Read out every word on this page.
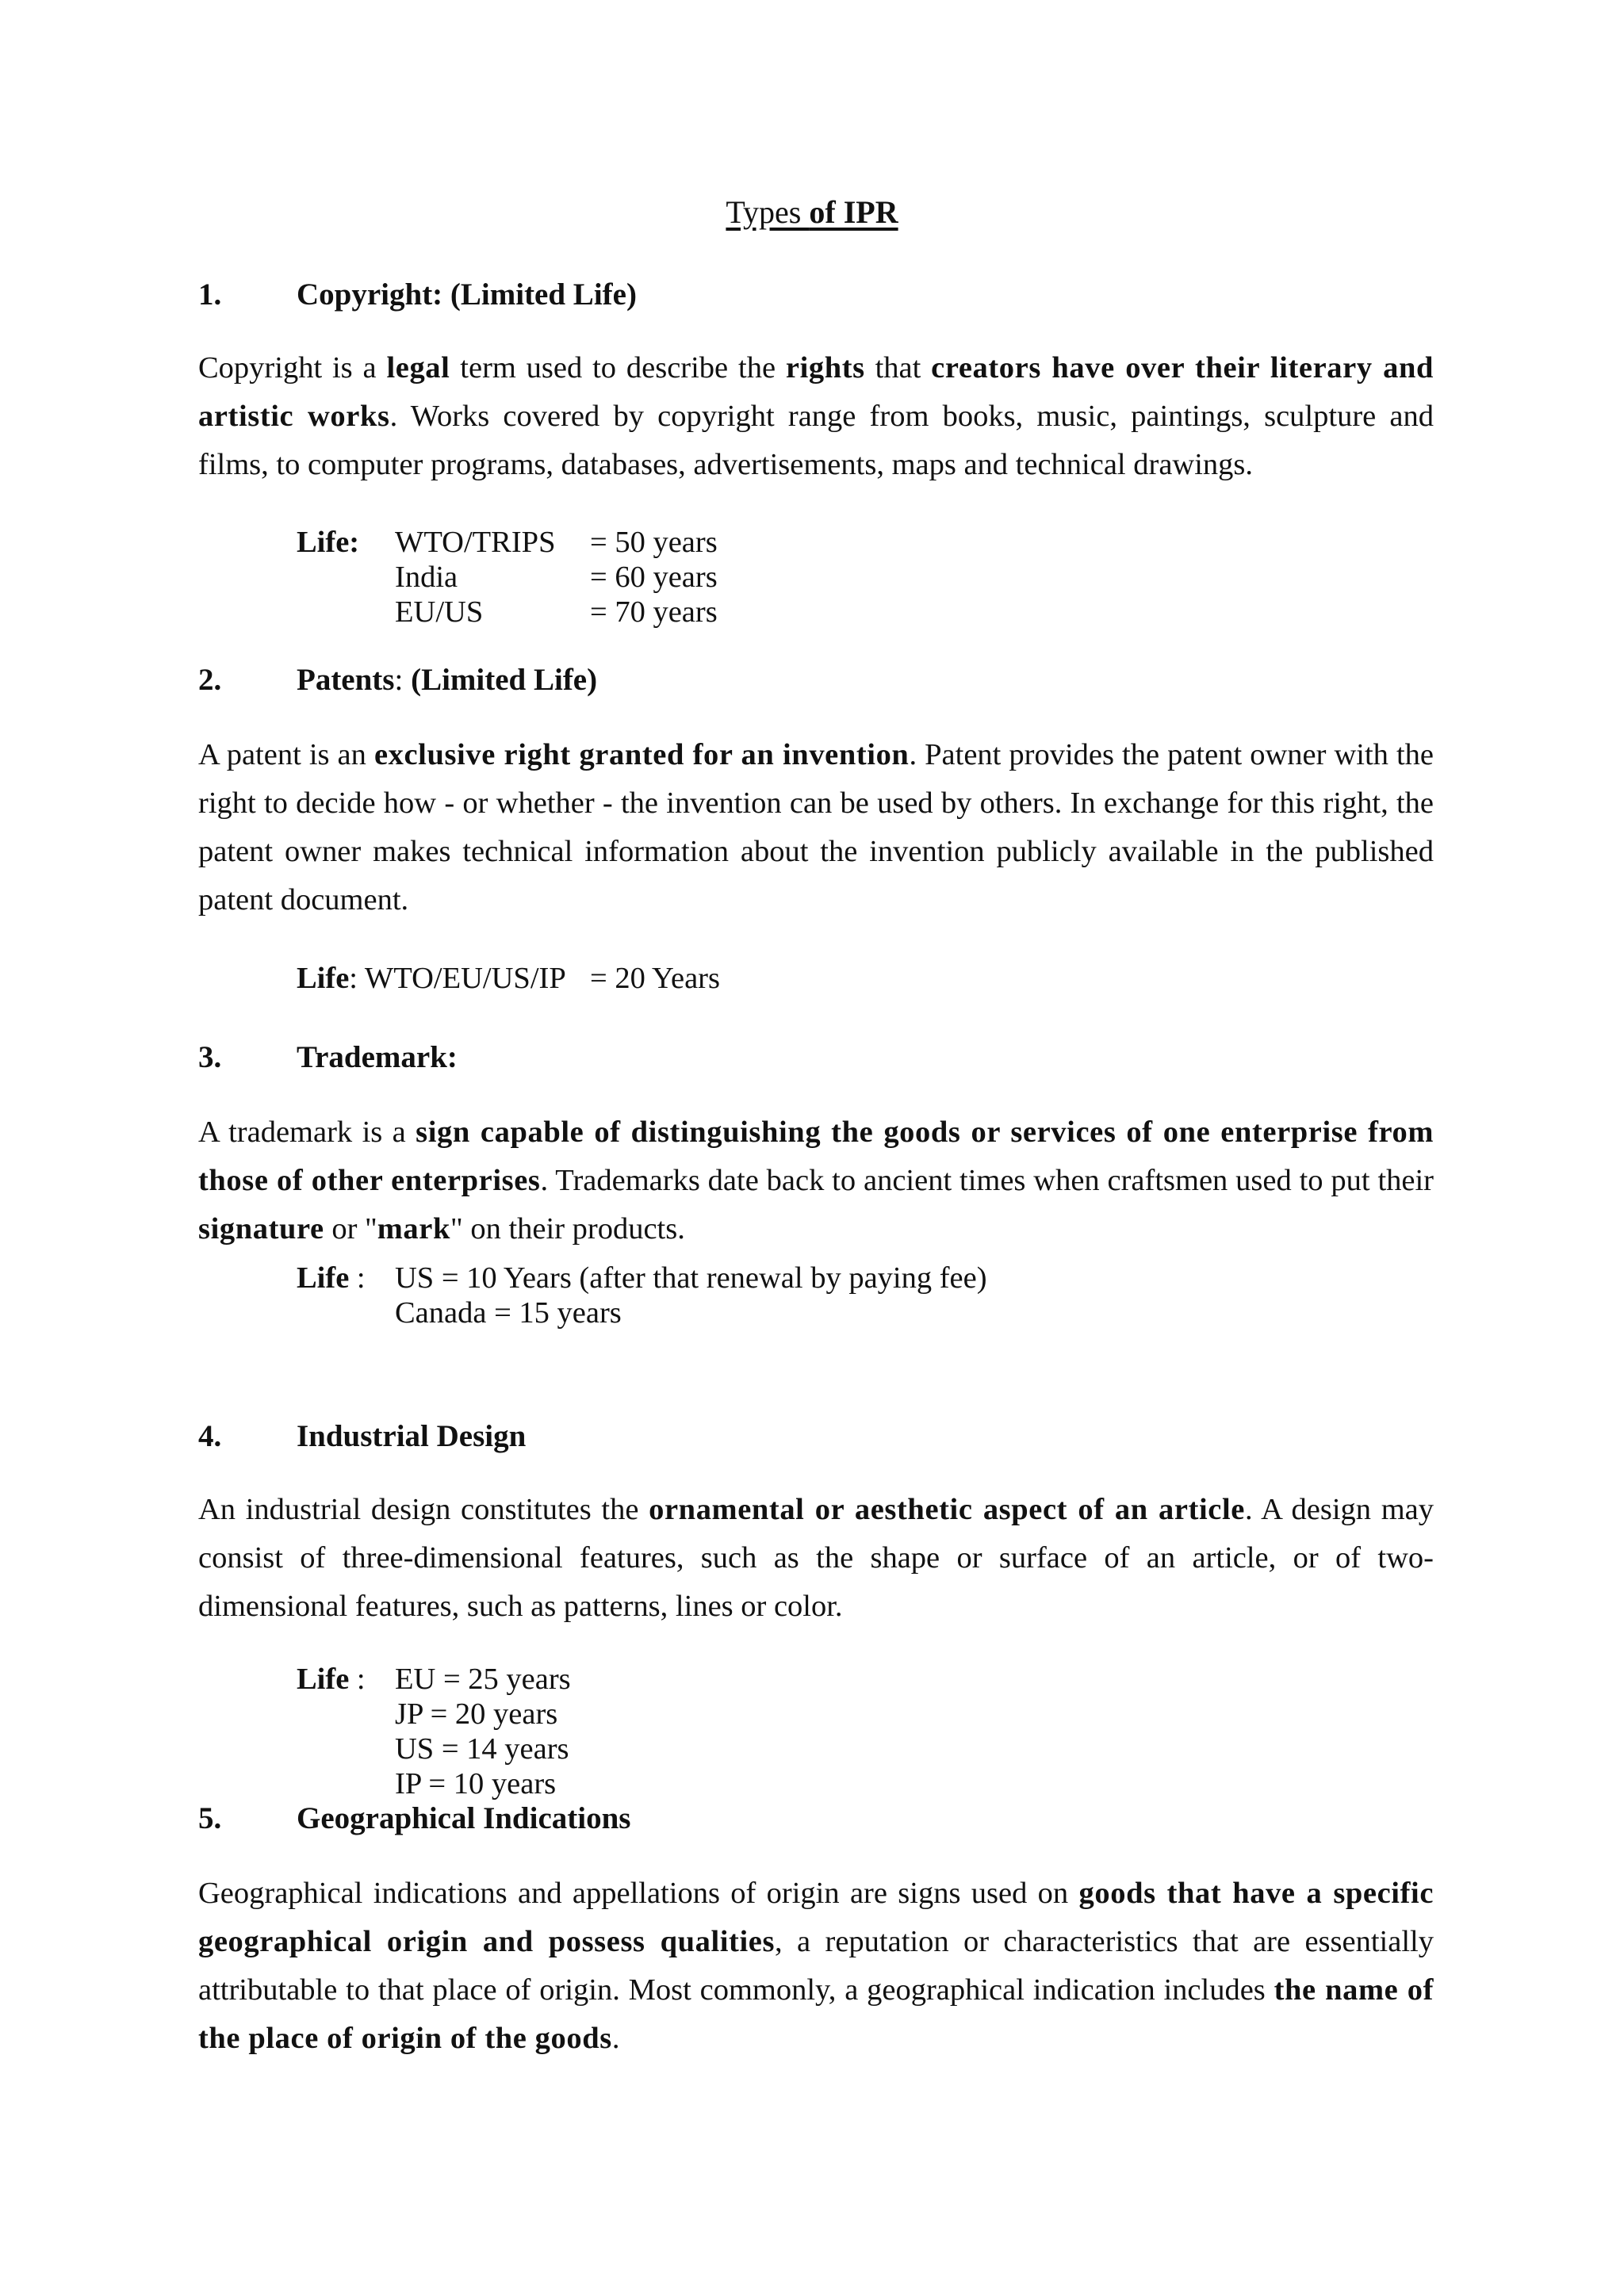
Types of IPR
1.	Copyright: (Limited Life)
Copyright is a legal term used to describe the rights that creators have over their literary and artistic works. Works covered by copyright range from books, music, paintings, sculpture and films, to computer programs, databases, advertisements, maps and technical drawings.
Life: WTO/TRIPS = 50 years
India	= 60 years
EU/US	= 70 years
2.	Patents: (Limited Life)
A patent is an exclusive right granted for an invention. Patent provides the patent owner with the right to decide how - or whether - the invention can be used by others. In exchange for this right, the patent owner makes technical information about the invention publicly available in the published patent document.
Life: WTO/EU/US/IP = 20 Years
3.	Trademark:
A trademark is a sign capable of distinguishing the goods or services of one enterprise from those of other enterprises. Trademarks date back to ancient times when craftsmen used to put their signature or "mark" on their products.
Life : US = 10 Years (after that renewal by paying fee)
Canada = 15 years
4.	Industrial Design
An industrial design constitutes the ornamental or aesthetic aspect of an article. A design may consist of three-dimensional features, such as the shape or surface of an article, or of two-dimensional features, such as patterns, lines or color.
Life : EU = 25 years
JP = 20 years
US = 14 years
IP = 10 years
5.	Geographical Indications
Geographical indications and appellations of origin are signs used on goods that have a specific geographical origin and possess qualities, a reputation or characteristics that are essentially attributable to that place of origin. Most commonly, a geographical indication includes the name of the place of origin of the goods.
